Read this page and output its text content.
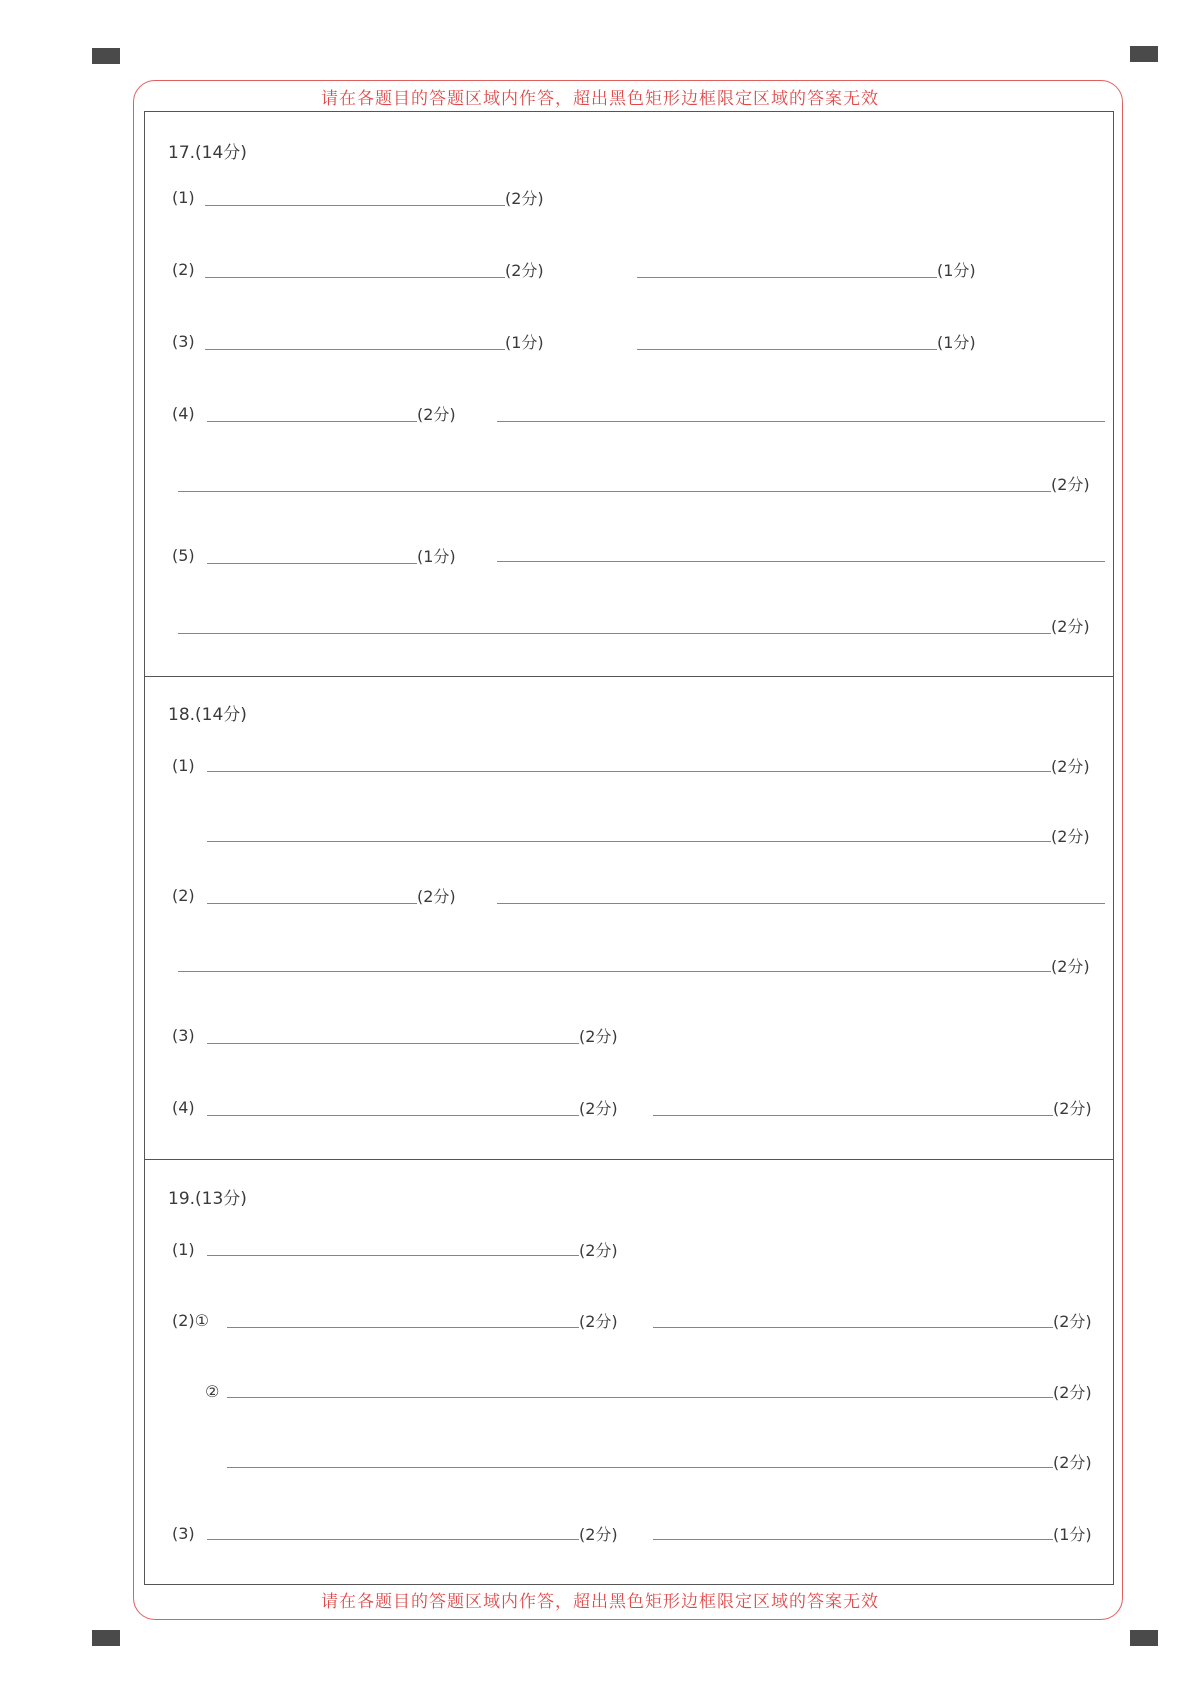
请在各题目的答题区域内作答，超出黑色矩形边框限定区域的答案无效
请在各题目的答题区域内作答，超出黑色矩形边框限定区域的答案无效
17.(14分)
(1)	(2分)
(2)	(2分)	(1分)
(3)	(1分)	(1分)
(4)	(2分)
(2分)
(5)	(1分)
(2分)
18.(14分)
(1)	(2分)
(2分)
(2)	(2分)
(2分)
(3)	(2分)
(4)	(2分)	(2分)
19.(13分)
(1)	(2分)
(2)①	(2分)	(2分)
②	(2分)
(2分)
(3)	(2分)	(1分)
